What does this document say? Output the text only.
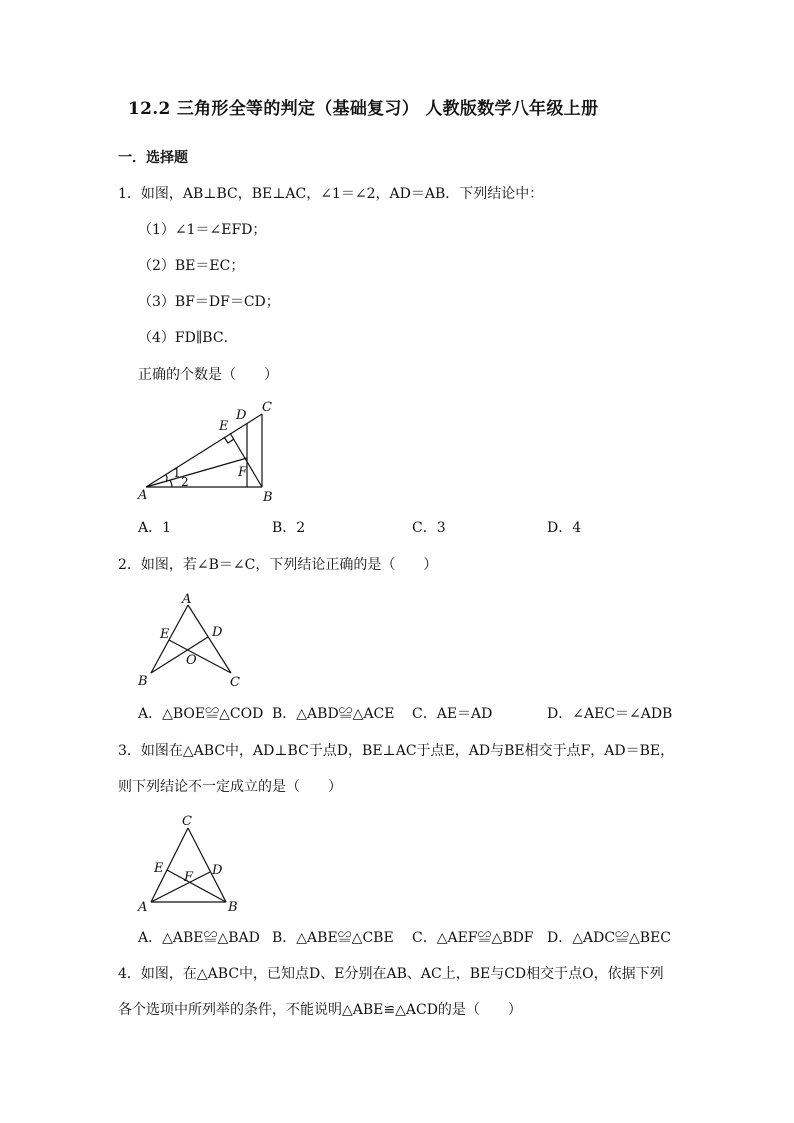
12.2 三角形全等的判定（基础复习） 人教版数学八年级上册
一．选择题
1．如图，AB⊥BC，BE⊥AC，∠1＝∠2，AD＝AB．下列结论中：
（1）∠1＝∠EFD；
（2）BE＝EC；
（3）BF＝DF＝CD；
（4）FD∥BC．
正确的个数是（　　）
C
D
E
F
A	B
1
2
A．1	B．2	C．3	D．4
2．如图，若∠B＝∠C，下列结论正确的是（　　）
A
E	D
O
B	C
A．△BOE≌△COD B．△ABD≌△ACE C．AE＝AD	D．∠AEC＝∠ADB
3．如图在△ABC中，AD⊥BC于点D，BE⊥AC于点E，AD与BE相交于点F，AD＝BE，
则下列结论不一定成立的是（　　）
C
E	D
F
A	B
A．△ABE≌△BAD B．△ABE≌△CBE C．△AEF≌△BDF D．△ADC≌△BEC
4．如图，在△ABC中，已知点D、E分别在AB、AC上，BE与CD相交于点O，依据下列
各个选项中所列举的条件，不能说明△ABE≌△ACD的是（　　）
